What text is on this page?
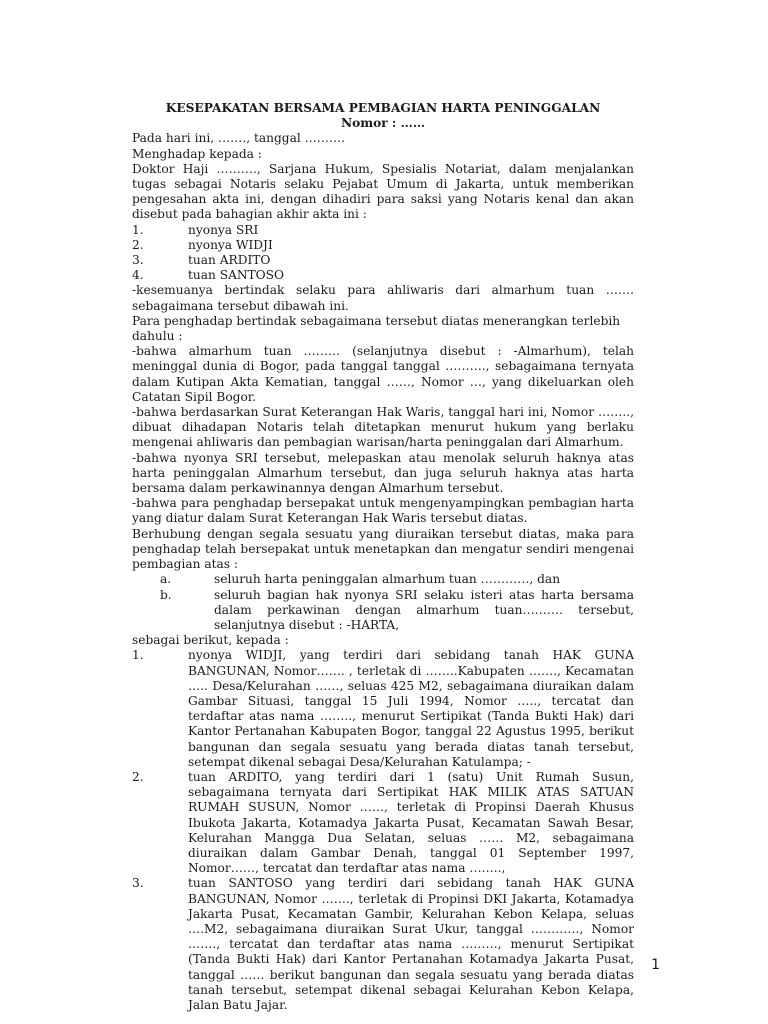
KESEPAKATAN BERSAMA PEMBAGIAN HARTA PENINGGALAN
Nomor : ……

Pada hari ini, ……., tanggal ……….

Menghadap kepada :

Doktor Haji ………., Sarjana Hukum, Spesialis Notariat, dalam menjalankan tugas sebagai Notaris selaku Pejabat Umum di Jakarta, untuk memberikan pengesahan akta ini, dengan dihadiri para saksi yang Notaris kenal dan akan disebut pada bahagian akhir akta ini :

1.	nyonya SRI
2.	nyonya WIDJI
3.	tuan ARDITO
4.	tuan SANTOSO

-kesemuanya bertindak selaku para ahliwaris dari almarhum tuan ……. sebagaimana tersebut dibawah ini.

Para penghadap bertindak sebagaimana tersebut diatas menerangkan terlebih dahulu :

-bahwa almarhum tuan ……… (selanjutnya disebut : -Almarhum), telah meninggal dunia di Bogor, pada tanggal tanggal ………., sebagaimana ternyata dalam Kutipan Akta Kematian, tanggal ……, Nomor …, yang dikeluarkan oleh Catatan Sipil Bogor.

-bahwa berdasarkan Surat Keterangan Hak Waris, tanggal hari ini, Nomor …….., dibuat dihadapan Notaris telah ditetapkan menurut hukum yang berlaku mengenai ahliwaris dan pembagian warisan/harta peninggalan dari Almarhum.

-bahwa nyonya SRI tersebut, melepaskan atau menolak seluruh haknya atas harta peninggalan Almarhum tersebut, dan juga seluruh haknya atas harta bersama dalam perkawinannya dengan Almarhum tersebut.

-bahwa para penghadap bersepakat untuk mengenyampingkan pembagian harta yang diatur dalam Surat Keterangan Hak Waris tersebut diatas.

Berhubung dengan segala sesuatu yang diuraikan tersebut diatas, maka para penghadap telah bersepakat untuk menetapkan dan mengatur sendiri mengenai pembagian atas :

a.	seluruh harta peninggalan almarhum tuan …………, dan
b.	seluruh bagian hak nyonya SRI selaku isteri atas harta bersama dalam perkawinan dengan almarhum tuan………. tersebut, selanjutnya disebut : -HARTA,

sebagai berikut, kepada :

1.	nyonya WIDJI, yang terdiri dari sebidang tanah HAK GUNA BANGUNAN, Nomor……. , terletak di ……..Kabupaten ……., Kecamatan ….. Desa/Kelurahan ……, seluas 425 M2, sebagaimana diuraikan dalam Gambar Situasi, tanggal 15 Juli 1994, Nomor ….., tercatat dan terdaftar atas nama …….., menurut Sertipikat (Tanda Bukti Hak) dari Kantor Pertanahan Kabupaten Bogor, tanggal 22 Agustus 1995, berikut bangunan dan segala sesuatu yang berada diatas tanah tersebut, setempat dikenal sebagai Desa/Kelurahan Katulampa; -
2.	tuan ARDITO, yang terdiri dari 1 (satu) Unit Rumah Susun, sebagaimana ternyata dari Sertipikat HAK MILIK ATAS SATUAN RUMAH SUSUN, Nomor ……, terletak di Propinsi Daerah Khusus Ibukota Jakarta, Kotamadya Jakarta Pusat, Kecamatan Sawah Besar, Kelurahan Mangga Dua Selatan, seluas …… M2, sebagaimana diuraikan dalam Gambar Denah, tanggal 01 September 1997, Nomor……, tercatat dan terdaftar atas nama ……..,
3.	tuan SANTOSO yang terdiri dari sebidang tanah HAK GUNA BANGUNAN, Nomor ……., terletak di Propinsi DKI Jakarta, Kotamadya Jakarta Pusat, Kecamatan Gambir, Kelurahan Kebon Kelapa, seluas ….M2, sebagaimana diuraikan Surat Ukur, tanggal …………, Nomor ……., tercatat dan terdaftar atas nama ………, menurut Sertipikat (Tanda Bukti Hak) dari Kantor Pertanahan Kotamadya Jakarta Pusat, tanggal …… berikut bangunan dan segala sesuatu yang berada diatas tanah tersebut, setempat dikenal sebagai Kelurahan Kebon Kelapa, Jalan Batu Jajar.
1
